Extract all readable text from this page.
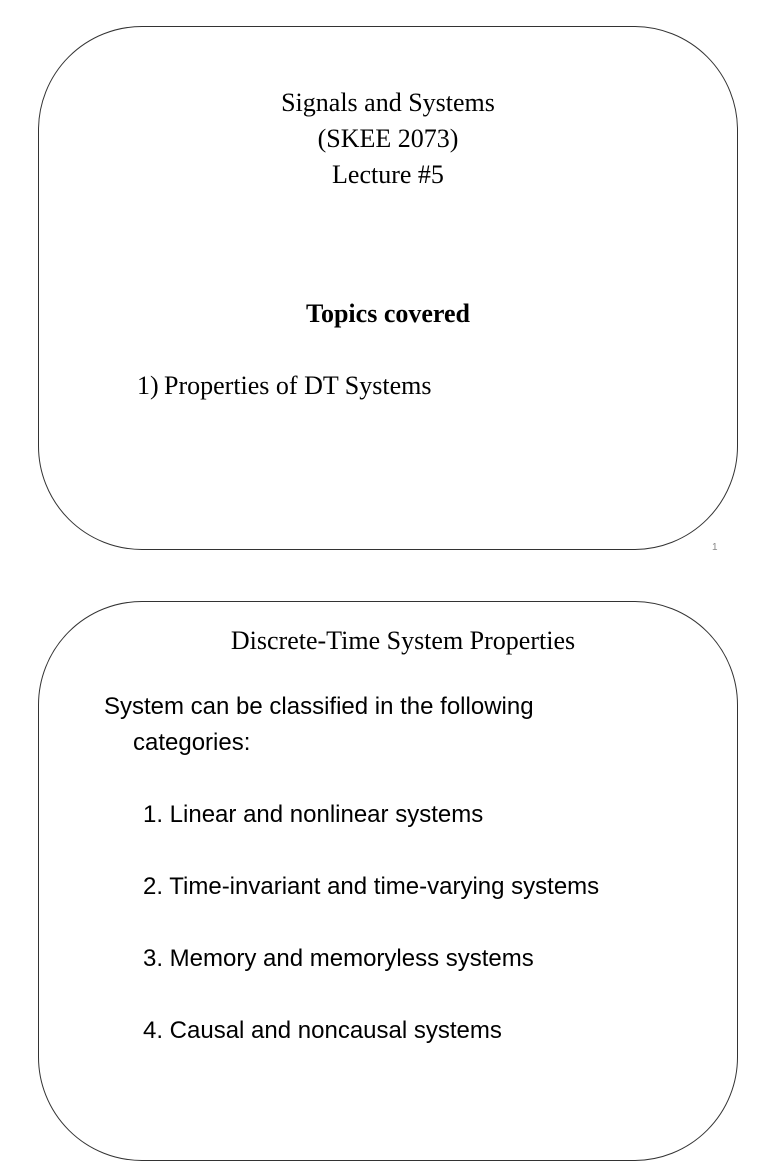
Signals and Systems
(SKEE 2073)
Lecture #5
Topics covered
1) Properties of DT Systems
1
Discrete-Time System Properties
System can be classified in the following
categories:
1. Linear and nonlinear systems
2. Time-invariant and time-varying systems
3. Memory and memoryless systems
4. Causal and noncausal systems
